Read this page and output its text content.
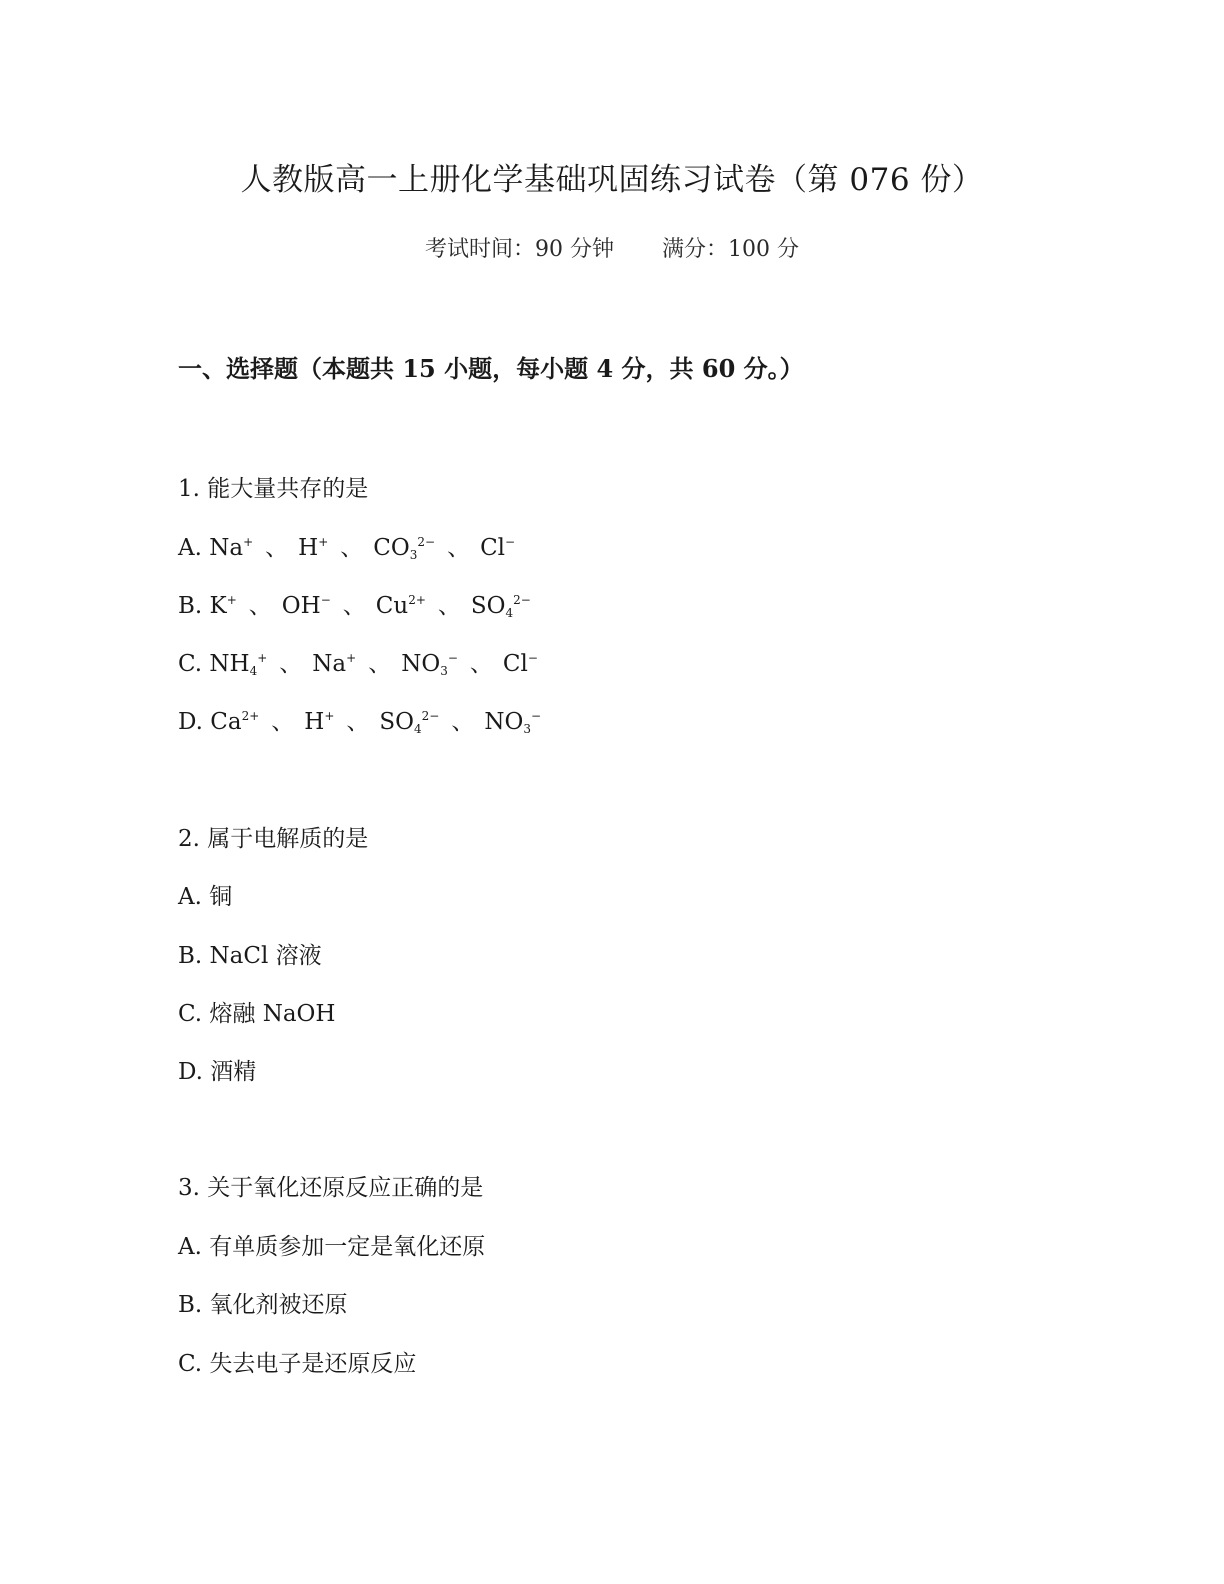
人教版高一上册化学基础巩固练习试卷（第 076 份）
考试时间：90 分钟 满分：100 分
一、选择题（本题共 15 小题，每小题 4 分，共 60 分。）
1. 能大量共存的是
A. Na+ 、 H+ 、 $CO_3^{2-}$ 、 Cl−
B. K+ 、 OH− 、 $Cu^{2+}$ 、 $SO_4^{2-}$
C. $NH_4^+$ 、 Na+ 、 $NO_3^-$ 、 Cl−
D. $Ca^{2+}$ 、 H+ 、 $SO_4^{2-}$ 、 $NO_3^-$
2. 属于电解质的是
A. 铜
B. NaCl 溶液
C. 熔融 NaOH
D. 酒精
3. 关于氧化还原反应正确的是
A. 有单质参加一定是氧化还原
B. 氧化剂被还原
C. 失去电子是还原反应
